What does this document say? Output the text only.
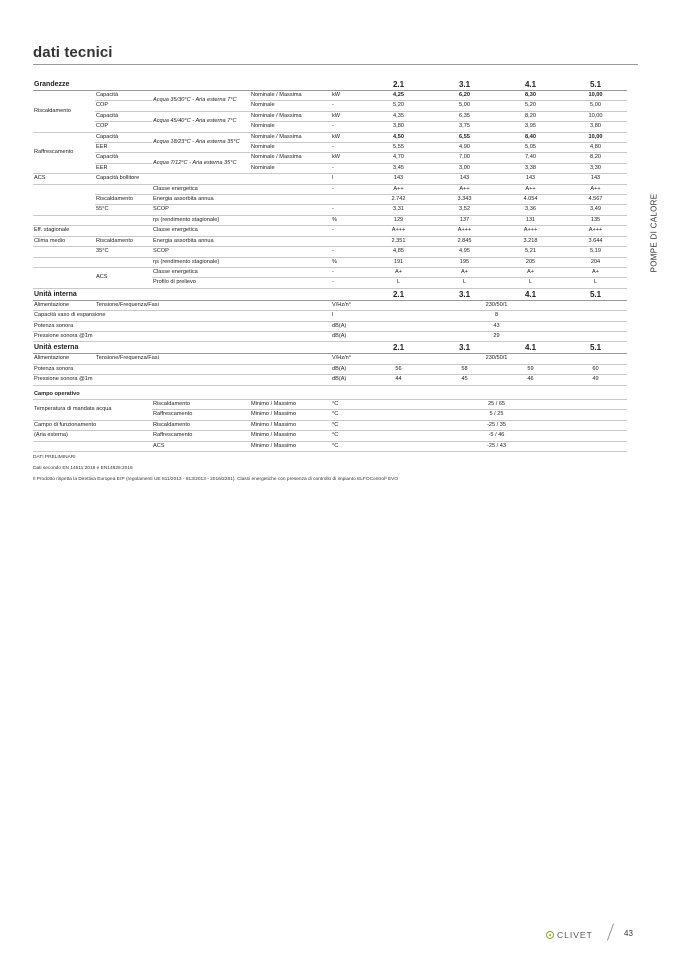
dati tecnici
POMPE DI CALORE
Grandezze					2.1	3.1	4.1	5.1
Riscaldamento	Capacità	Acqua 35/30°C - Aria esterna 7°C	Nominale / Massima	kW	4,25	6,20	8,30	10,00
	COP		Nominale	-	5,20	5,00	5,20	5,00
	Capacità	Acqua 45/40°C - Aria esterna 7°C	Nominale / Massima	kW	4,35	6,35	8,20	10,00
	COP		Nominale	-	3,80	3,75	3,95	3,80
Raffrescamento	Capacità	Acqua 18/23°C - Aria esterna 35°C	Nominale / Massima	kW	4,50	6,55	8,40	10,00
	EER		Nominale	-	5,55	4,90	5,05	4,80
	Capacità	Acqua 7/12°C - Aria esterna 35°C	Nominale / Massima	kW	4,70	7,00	7,40	8,20
	EER		Nominale	-	3,45	3,00	3,38	3,30
ACS	Capacità bollitore			l	143	143	143	143
		Classe energetica		-	A++	A++	A++	A++
	Riscaldamento	Energia assorbita annua			2.742	3.343	4.054	4.567
	55°C	SCOP		-	3,31	3,52	3,36	3,49
		ηs (rendimento stagionale)		%	129	137	131	135
Eff. stagionale		Classe energetica		-	A+++	A+++	A+++	A+++
Clima medio	Riscaldamento	Energia assorbita annua			2.351	2.845	3.218	3.644
	35°C	SCOP		-	4,85	4,95	5,21	5,19
		ηs (rendimento stagionale)		%	191	195	205	204
	ACS	Classe energetica		-	A+	A+	A+	A+
		Profilo di prelievo		-	L	L	L	L
Unità interna					2.1	3.1	4.1	5.1
Alimentazione	Tensione/Frequenza/Fasi			V/Hz/n°	230/50/1			
Capacità vaso di espansione				l	8			
Potenza sonora				dB(A)	43			
Pressione sonora @1m				dB(A)	29			
Unità esterna					2.1	3.1	4.1	5.1
Alimentazione	Tensione/Frequenza/Fasi			V/Hz/n°	230/50/1			
Potenza sonora				dB(A)	56	58	59	60
Pressione sonora @1m				dB(A)	44	45	46	49

Campo operativo								
Temperatura di mandata acqua		Riscaldamento	Minimo / Massimo	°C	25 / 65			
		Raffrescamento	Minimo / Massimo	°C	5 / 25			
Campo di funzionamento		Riscaldamento	Minimo / Massimo	°C	-25 / 35			
(Aria esterna)		Raffrescamento	Minimo / Massimo	°C	-5 / 46			
		ACS	Minimo / Massimo	°C	-25 / 43			
DATI PRELIMINARI
Dati secondo EN 14511:2018 e EN14825:2016
Il Prodotto rispetta la Direttiva Europea ErP (regolamenti UE 811/2013 - 813/2013 - 2016/2281). Classi energetiche con presenza di controllo di impianto ELFOControl³ EVO
CLIVET	43
